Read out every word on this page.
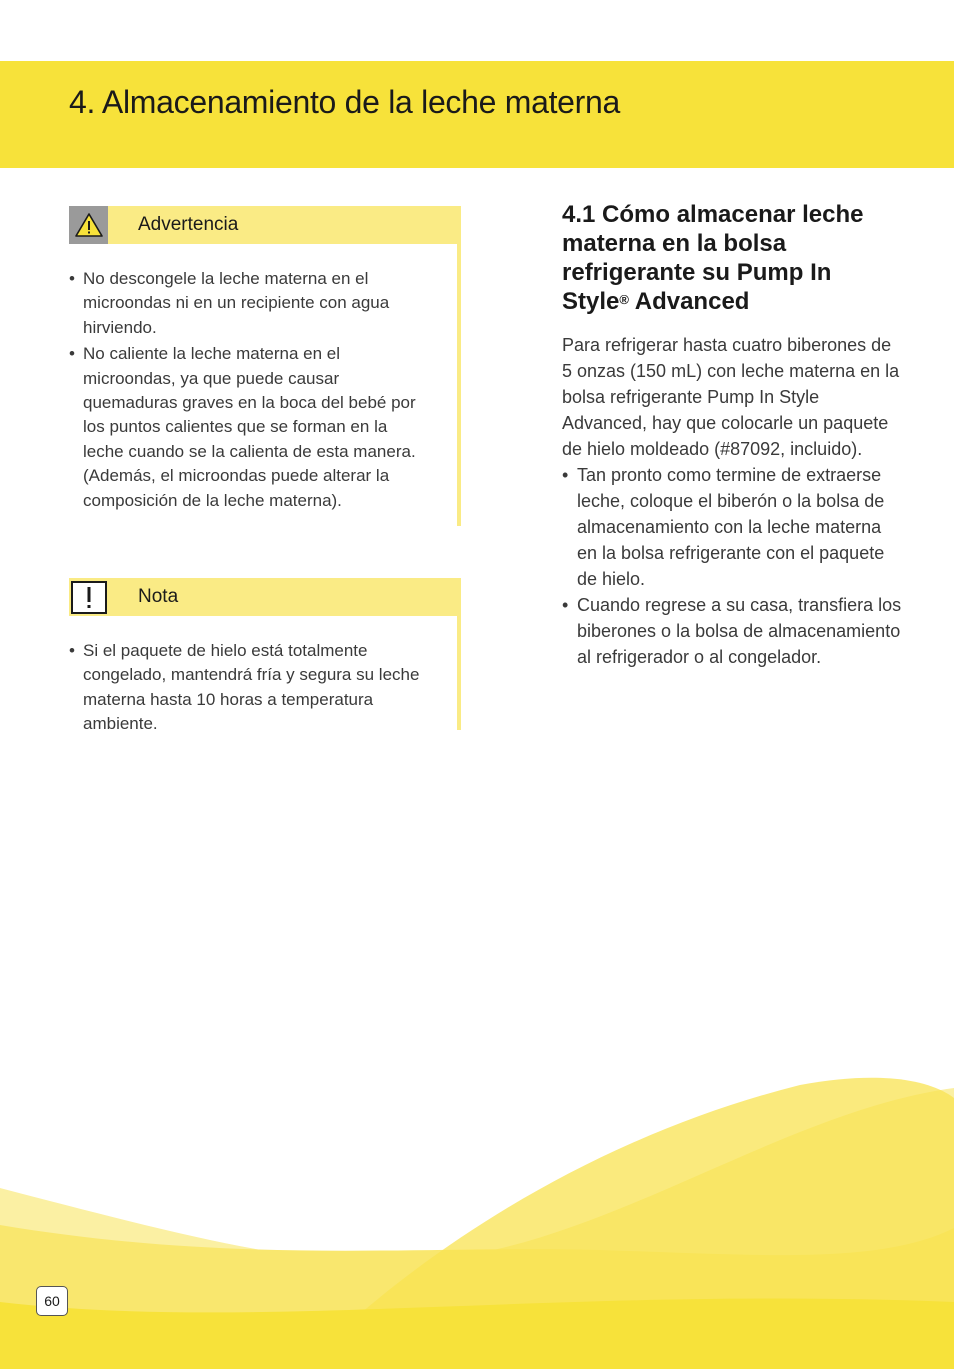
4. Almacenamiento de la leche materna
Advertencia
• No descongele la leche materna en el microondas ni en un recipiente con agua hirviendo.
• No caliente la leche materna en el microondas, ya que puede causar quemaduras graves en la boca del bebé por los puntos calientes que se forman en la leche cuando se la calienta de esta manera. (Además, el microondas puede alterar la composición de la leche materna).
Nota
• Si el paquete de hielo está totalmente congelado, mantendrá fría y segura su leche materna hasta 10 horas a temperatura ambiente.
4.1 Cómo almacenar leche materna en la bolsa refrigerante su Pump In Style® Advanced

Para refrigerar hasta cuatro biberones de 5 onzas (150 mL) con leche materna en la bolsa refrigerante Pump In Style Advanced, hay que colocarle un paquete de hielo moldeado (#87092, incluido).

• Tan pronto como termine de extraerse leche, coloque el biberón o la bolsa de almacenamiento con la leche materna en la bolsa refrigerante con el paquete de hielo.
• Cuando regrese a su casa, transfiera los biberones o la bolsa de almacenamiento al refrigerador o al congelador.
60
